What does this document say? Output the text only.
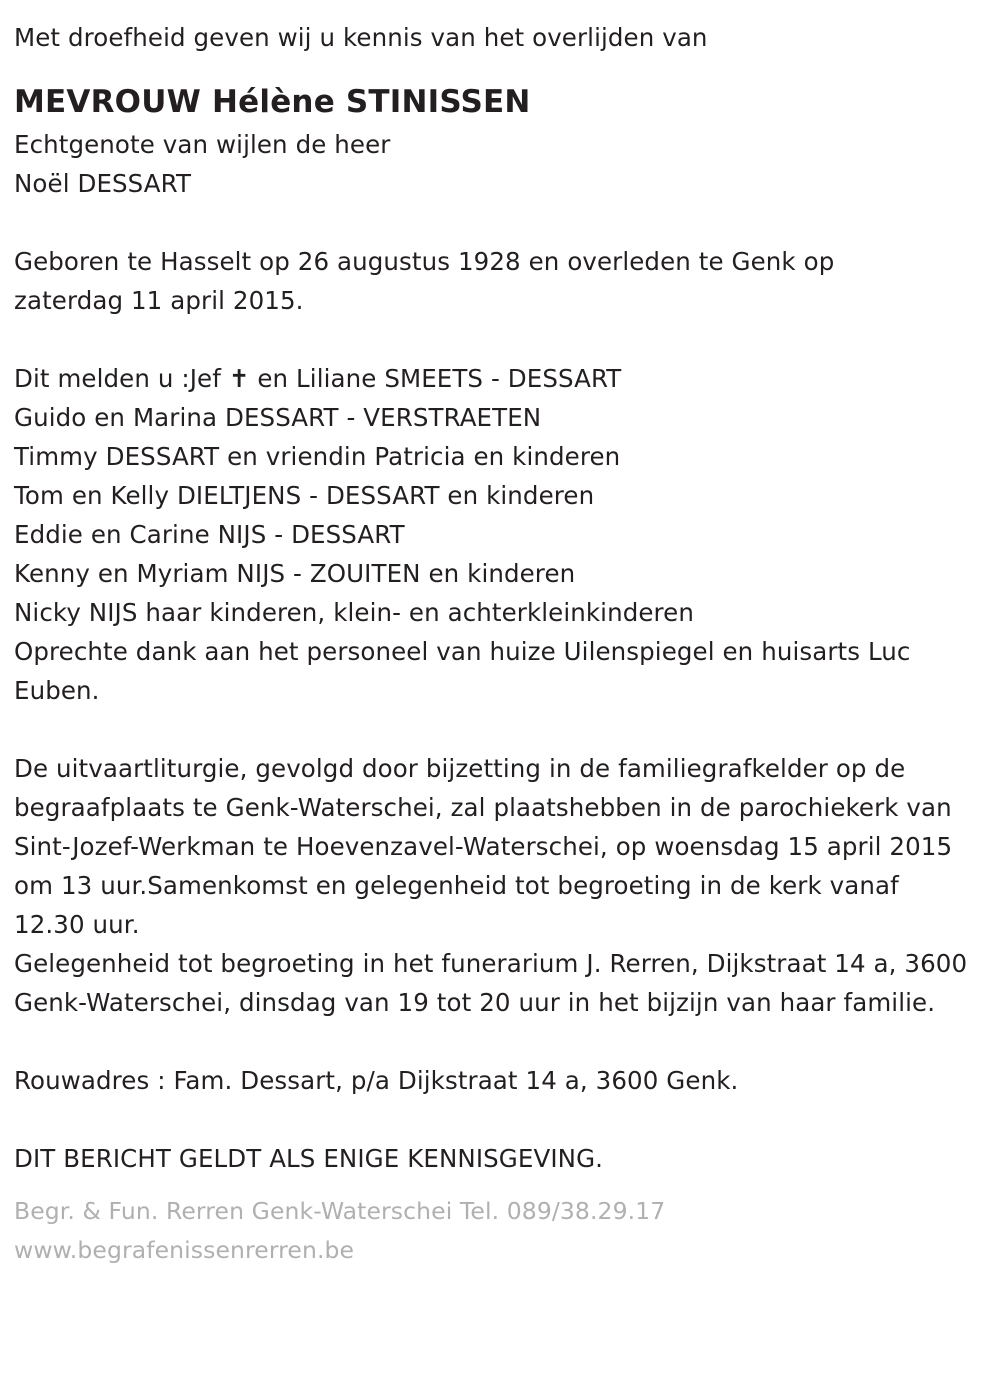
Met droefheid geven wij u kennis van het overlijden van
MEVROUW Hélène STINISSEN
Echtgenote van wijlen de heer
Noël DESSART
Geboren te Hasselt op 26 augustus 1928 en overleden te Genk op
zaterdag 11 april 2015.
Dit melden u :Jef ✝ en Liliane SMEETS - DESSART
Guido en Marina DESSART - VERSTRAETEN
Timmy DESSART en vriendin Patricia en kinderen
Tom en Kelly DIELTJENS - DESSART en kinderen
Eddie en Carine NIJS - DESSART
Kenny en Myriam NIJS - ZOUITEN en kinderen
Nicky NIJS haar kinderen, klein- en achterkleinkinderen
Oprechte dank aan het personeel van huize Uilenspiegel en huisarts Luc Euben.
De uitvaartliturgie, gevolgd door bijzetting in de familiegrafkelder op de begraafplaats te Genk-Waterschei, zal plaatshebben in de parochiekerk van Sint-Jozef-Werkman te Hoevenzavel-Waterschei, op woensdag 15 april 2015 om 13 uur.Samenkomst en gelegenheid tot begroeting in de kerk vanaf 12.30 uur.
Gelegenheid tot begroeting in het funerarium J. Rerren, Dijkstraat 14 a, 3600 Genk-Waterschei, dinsdag van 19 tot 20 uur in het bijzijn van haar familie.
Rouwadres : Fam. Dessart, p/a Dijkstraat 14 a, 3600 Genk.
DIT BERICHT GELDT ALS ENIGE KENNISGEVING.
Begr. & Fun. Rerren Genk-Waterschei Tel. 089/38.29.17
www.begrafenissenrerren.be
